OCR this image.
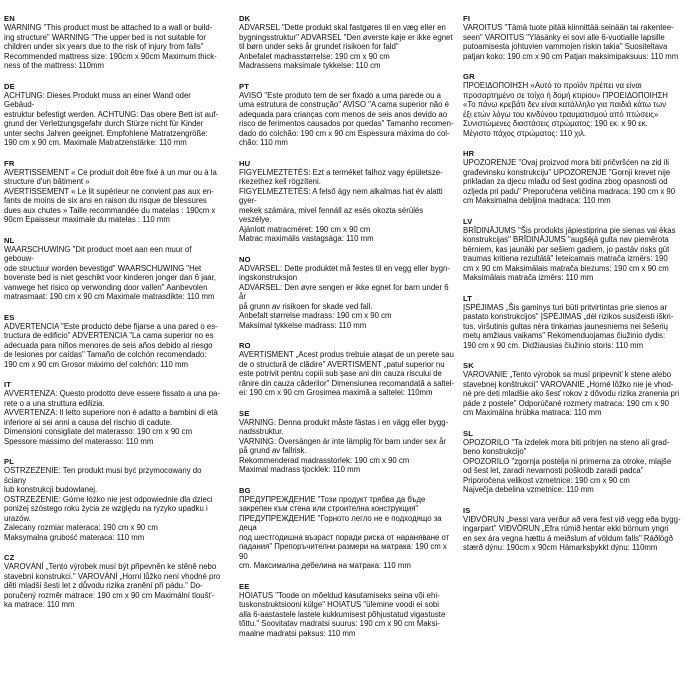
EN
WARNING "This product must be attached to a wall or build-
ing structure" WARNING "The upper bed is not suitable for
children under six years due to the risk of injury from falls"
Recommended mattress size: 190cm x 90cm Maximum thick-
ness of the mattress: 110mm
DE
ACHTUNG: Dieses Produkt muss an einer Wand oder Gebäud-
estruktur befestigt werden. ACHTUNG: Das obere Bett ist auf-
grund der Verletzungsgefahr durch Stürze nicht für Kinder
unter sechs Jahren geeignet. Empfohlene Matratzengröße:
190 cm x 90 cm. Maximale Matratzenstärke: 110 mm
FR
AVERTISSEMENT « Ce produit doit être fixé à un mur ou à la
structure d'un bâtiment »
AVERTISSEMENT « Le lit supérieur ne convient pas aux en-
fants de moins de six ans en raison du risque de blessures
dues aux chutes » Taille recommandée du matelas : 190cm x
90cm Epaisseur maximale du matelas : 110 mm
NL
WAARSCHUWING "Dit product moet aan een muur of gebouw-
ode structuur worden bevestigd" WAARSCHUWING "Het
bovenste bed is niet geschikt voor kinderen jonger dan 6 jaar,
vanwege het risico op verwonding door vallen" Aanbevolen
matrasmaat: 190 cm x 90 cm Maximale matrasdikte: 110 mm
ES
ADVERTENCIA "Este producto debe fijarse a una pared o es-
tructura de edificio" ADVERTENCIA "La cama superior no es
adecuada para niños menores de seis años debido al riesgo
de lesiones por caídas" Tamaño de colchón recomendado:
190 cm x 90 cm Grosor máximo del colchón: 110 mm
IT
AVVERTENZA: Questo prodotto deve essere fissato a una pa-
rete o a una struttura edilizia.
AVVERTENZA: Il letto superiore non è adatto a bambini di età
inferiore ai sei anni a causa del rischio di cadute.
Dimensioni consigliate del materasso: 190 cm x 90 cm
Spessore massimo del materasso: 110 mm
PL
OSTRZEŻENIE: Ten produkt musi być przymocowany do ściany
lub konstrukcji budowlanej.
OSTRZEŻENIE: Górne łóżko nie jest odpowiednie dla dzieci
poniżej szóstego roku życia ze względu na ryzyko upadku i
urazów.
Zalecany rozmiar materaca: 190 cm x 90 cm
Maksymalna grubość materaca: 110 mm
CZ
VAROVÁNÍ „Tento výrobek musí být připevněn ke stěně nebo
stavební konstrukci." VAROVÁNÍ „Horní lůžko není vhodné pro
děti mladší šesti let z důvodu rizika zranění při pádu." Do-
poručený rozměr matrace: 190 cm x 90 cm Maximální tloušť-
ka matrace: 110 mm
DK
ADVARSEL "Dette produkt skal fastgøres til en væg eller en
bygningsstruktur" ADVARSEL "Den øverste køje er ikke egnet
til børn under seks år grundet risikoen for fald"
Anbefalet madrasstørrelse: 190 cm x 90 cm
Madrassens maksimale tykkelse: 110 cm
PT
AVISO "Este produto tem de ser fixado a uma parede ou a
uma estrutura de construção" AVISO "A cama superior não é
adequada para crianças com menos de seis anos devido ao
risco de ferimentos causados por quedas" Tamanho recomen-
dado do colchão: 190 cm x 90 cm Espessura máxima do col-
chão: 110 mm
HU
FIGYELMEZTETÉS: Ezt a terméket falhoz vagy épületsze-
rkezethez kell rögzíteni.
FIGYELMEZTETÉS: A felső ágy nem alkalmas hat év alatti gyer-
mekek számára, mivel fennáll az esés okozta sérülés veszélye.
Ajánlott matracméret: 190 cm x 90 cm
Matrac maximális vastagsága: 110 mm
NO
ADVARSEL: Dette produktet må festes til en vegg eller bygn-
ingskonstruksjon
ADVARSEL: Den øvre sengen er ikke egnet for barn under 6 år
på grunn av risikoen for skade ved fall.
Anbefalt størrelse madrass: 190 cm x 90 cm
Maksimal tykkelse madrass: 110 mm
RO
AVERTISMENT „Acest produs trebuie atașat de un perete sau
de o structură de clădire" AVERTISMENT „patul superior nu
este potrivit pentru copiii sub șase ani din cauza riscului de
rănire din cauza căderilor" Dimensiunea recomandată a saltel-
ei: 190 cm x 90 cm Grosimea maximă a saltelei: 110mm
SE
VARNING: Denna produkt måste fästas i en vägg eller bygg-
nadsstruktur.
VARNING: Översängen är inte lämplig för barn under sex år
på grund av fallrisk.
Rekommenderad madrasstorlek: 190 cm x 90 cm
Maximal madrass tjocklek: 110 mm
BG
ПРЕДУПРЕЖДЕНИЕ "Този продукт трябва да бъде
закрепен към стена или строителна конструкция"
ПРЕДУПРЕЖДЕНИЕ "Горното легло не е подходящо за деца
под шестгодишна възраст поради риска от нараняване от
падания" Препоръчителни размери на матрака: 190 cm x 90
cm. Максимална дебелина на матрака: 110 mm
EE
HOIATUS "Toode on mõeldud kasutamiseks seina või ehi-
tuskonstruktsiooni külge" HOIATUS "ülemine voodi ei sobi
alla 6-aastastele lastele kukkumisest põhjustatud vigastuste
tõttu." Soovitatav madratsi suurus: 190 cm x 90 cm Maksi-
maalne madratsi paksus: 110 mm
FI
VAROITUS "Tämä tuote pitää kiinnittää seinään tai rakentee-
seen" VAROITUS "Yläsänky ei sovi alle 6-vuotiaille lapsille
putoamisesta johtuvien vammojen riskin takia" Suositeltava
patjan koko: 190 cm x 90 cm Patjan maksimipaksuus: 110 mm
GR
ΠΡΟΕΙΔΟΠΟΙΗΣΗ «Αυτό το προϊόν πρέπει να είναι
προσαρτημένο σε τοίχο ή δομή κτιρίου» ΠΡΟΕΙΔΟΠΟΙΗΣΗ
«Το πάνω κρεβάτι δεν είναι κατάλληλο για παιδιά κάτω των
έξι ετών λόγω του κινδύνου τραυματισμού από πτώσεις»
Συνιστώμενες διαστάσεις στρώματος: 190 εκ. x 90 εκ.
Μέγιστο πάχος στρώματος: 110 χιλ.
HR
UPOZORENJE "Ovaj proizvod mora biti pričvršćen na zid ili
građevinsku konstrukciju" UPOZORENJE "Gornji krevet nije
prikladan za djecu mlađu od šest godina zbog opasnosti od
ozljeda pri padu" Preporučena veličina madraca: 190 cm x 90
cm Maksimalna debljina madraca: 110 mm
LV
BRĪDINĀJUMS "Šis produkts jāpiestiprina pie sienas vai ēkas
konstrukcijas" BRĪDINĀJUMS "augšējā gulta nav piemērota
bērniem, kas jaunāki par sešiem gadiem, jo pastāv risks gūt
traumas kritiena rezultātā" Ieteicamais matrača izmērs: 190
cm x 90 cm Maksimālais matrača biezums: 190 cm x 90 cm
Maksimālais matrača izmērs: 110 mm
LT
ĮSPĖJIMAS „Šis gaminys turi būti pritvirtintas prie sienos ar
pastato konstrukcijos" ĮSPĖJIMAS „dėl rizikos susižeisti iškri-
tus, viršutinis gultas nėra tinkamas jaunesniems nei šešerių
metų amžiaus vaikams" Rekomenduojamas čiužinio dydis:
190 cm x 90 cm. Didžiausias čiužinio storis: 110 mm
SK
VAROVANIE „Tento výrobok sa musí pripevniť k stene alebo
stavebnej konštrukcii" VAROVANIE „Horné lôžko nie je vhod-
né pre deti mladšie ako šesť rokov z dôvodu rizika zranenia pri
páde z postele" Odporúčané rozmery matraca: 190 cm x 90
cm Maximálna hrúbka matraca: 110 mm
SL
OPOZORILO "Ta izdelek mora biti pritrjen na steno ali grad-
beno konstrukcijo"
OPOZORILO "zgornja postelja ni primerna za otroke, mlajše
od šest let, zaradi nevarnosti poškodb zaradi padca"
Priporočena velikost vzmetnice: 190 cm x 90 cm
Največja debelina vzmetnice: 110 mm
IS
VIÐVÖRUN „Þessi vara verður að vera fest við vegg eða bygg-
ingarpart" VIÐVÖRUN „Efra rúmið hentar ekki börnum yngri
en sex ára vegna hættu á meiðslum af völdum falls" Ráðlögð
stærð dýnu: 190cm x 90cm Hámarksþykkt dýnu: 110mm
